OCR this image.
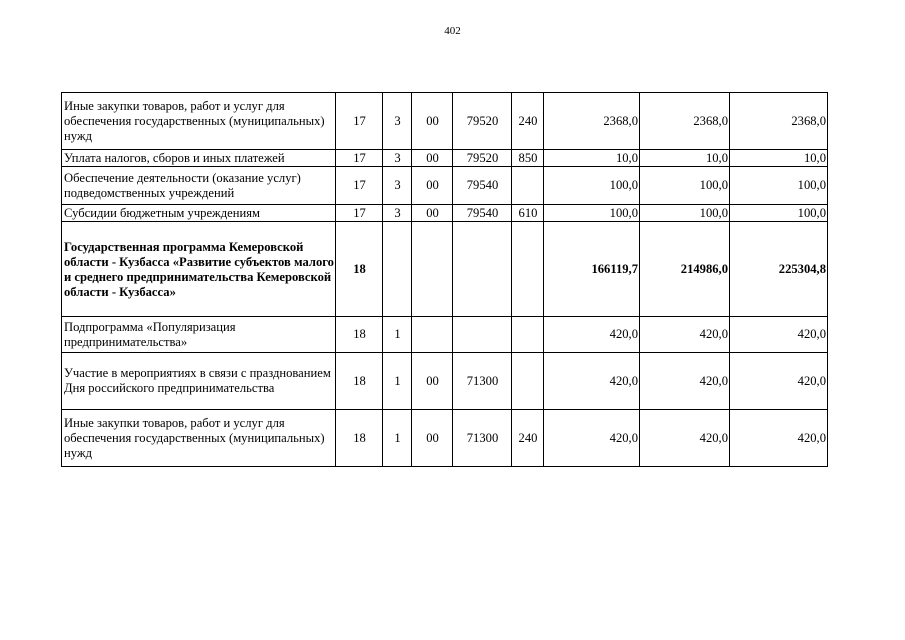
402
Иные закупки товаров, работ и услуг для обеспечения государственных (муниципальных) нужд	17	3	00	79520	240	2368,0	2368,0	2368,0
Уплата налогов, сборов и иных платежей	17	3	00	79520	850	10,0	10,0	10,0
Обеспечение деятельности (оказание услуг) подведомственных учреждений	17	3	00	79540		100,0	100,0	100,0
Субсидии бюджетным учреждениям	17	3	00	79540	610	100,0	100,0	100,0
Государственная программа Кемеровской области - Кузбасса «Развитие субъектов малого и среднего предпринимательства Кемеровской области - Кузбасса»	18					166119,7	214986,0	225304,8
Подпрограмма «Популяризация предпринимательства»	18	1				420,0	420,0	420,0
Участие в мероприятиях в связи с празднованием Дня российского предпринимательства	18	1	00	71300		420,0	420,0	420,0
Иные закупки товаров, работ и услуг для обеспечения государственных (муниципальных) нужд	18	1	00	71300	240	420,0	420,0	420,0
